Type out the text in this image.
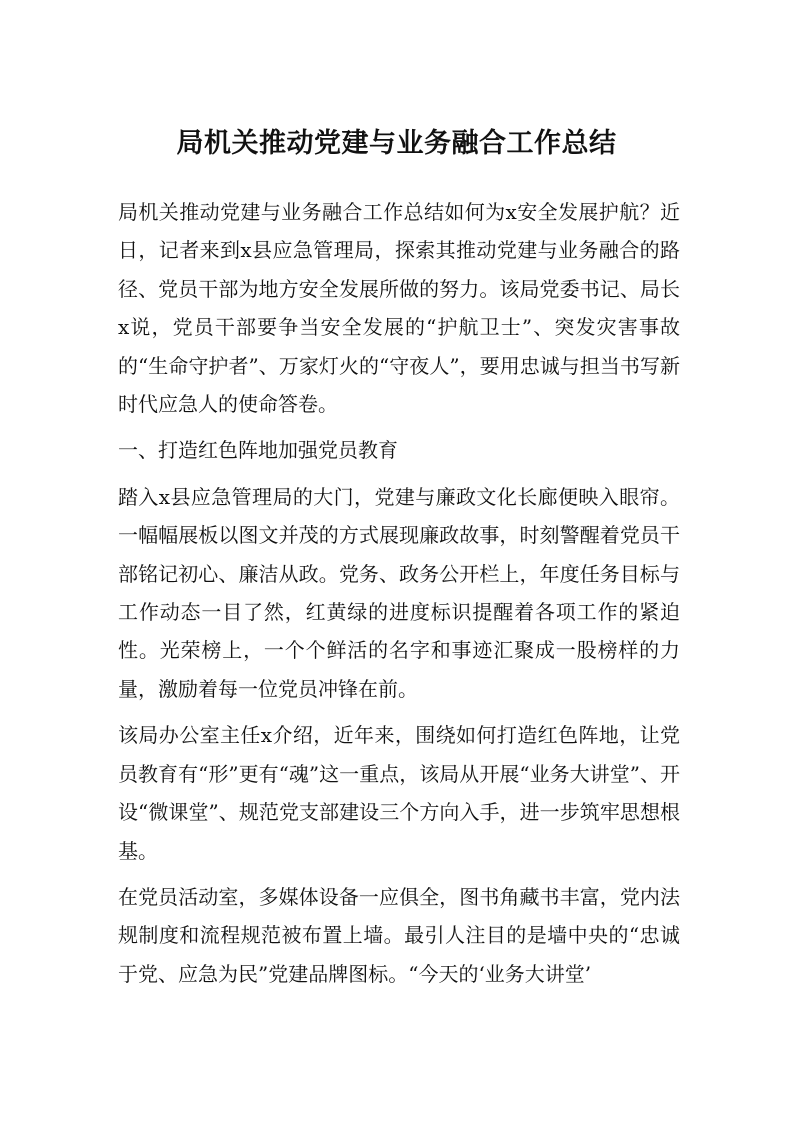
局机关推动党建与业务融合工作总结

局机关推动党建与业务融合工作总结如何为x安全发展护航？近日，记者来到x县应急管理局，探索其推动党建与业务融合的路径、党员干部为地方安全发展所做的努力。该局党委书记、局长x说，党员干部要争当安全发展的“护航卫士”、突发灾害事故的“生命守护者”、万家灯火的“守夜人”，要用忠诚与担当书写新时代应急人的使命答卷。

一、打造红色阵地加强党员教育

踏入x县应急管理局的大门，党建与廉政文化长廊便映入眼帘。一幅幅展板以图文并茂的方式展现廉政故事，时刻警醒着党员干部铭记初心、廉洁从政。党务、政务公开栏上，年度任务目标与工作动态一目了然，红黄绿的进度标识提醒着各项工作的紧迫性。光荣榜上，一个个鲜活的名字和事迹汇聚成一股榜样的力量，激励着每一位党员冲锋在前。

该局办公室主任x介绍，近年来，围绕如何打造红色阵地，让党员教育有“形”更有“魂”这一重点，该局从开展“业务大讲堂”、开设“微课堂”、规范党支部建设三个方向入手，进一步筑牢思想根基。

在党员活动室，多媒体设备一应俱全，图书角藏书丰富，党内法规制度和流程规范被布置上墙。最引人注目的是墙中央的“忠诚于党、应急为民”党建品牌图标。“今天的‘业务大讲堂’
